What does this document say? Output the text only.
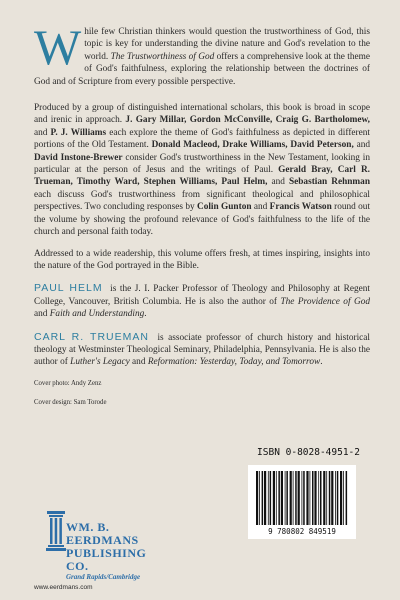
While few Christian thinkers would question the trustworthiness of God, this topic is key for understanding the divine nature and God's revelation to the world. The Trustworthiness of God offers a comprehensive look at the theme of God's faithfulness, exploring the relationship between the doctrines of God and of Scripture from every possible perspective.

Produced by a group of distinguished international scholars, this book is broad in scope and irenic in approach. J. Gary Millar, Gordon McConville, Craig G. Bartholomew, and P. J. Williams each explore the theme of God's faithfulness as depicted in different portions of the Old Testament. Donald Macleod, Drake Williams, David Peterson, and David Instone-Brewer consider God's trustworthiness in the New Testament, looking in particular at the person of Jesus and the writings of Paul. Gerald Bray, Carl R. Trueman, Timothy Ward, Stephen Williams, Paul Helm, and Sebastian Rehnman each discuss God's trustworthiness from significant theological and philosophical perspectives. Two concluding responses by Colin Gunton and Francis Watson round out the volume by showing the profound relevance of God's faithfulness to the life of the church and personal faith today.

Addressed to a wide readership, this volume offers fresh, at times inspiring, insights into the nature of the God portrayed in the Bible.

PAUL HELM is the J. I. Packer Professor of Theology and Philosophy at Regent College, Vancouver, British Columbia. He is also the author of The Providence of God and Faith and Understanding.

CARL R. TRUEMAN is associate professor of church history and historical theology at Westminster Theological Seminary, Philadelphia, Pennsylvania. He is also the author of Luther's Legacy and Reformation: Yesterday, Today, and Tomorrow.

Cover photo: Andy Zenz
Cover design: Sam Torode
ISBN 0-8028-4951-2
9 780802 849519
WM. B. EERDMANS
PUBLISHING CO.
Grand Rapids/Cambridge
www.eerdmans.com
